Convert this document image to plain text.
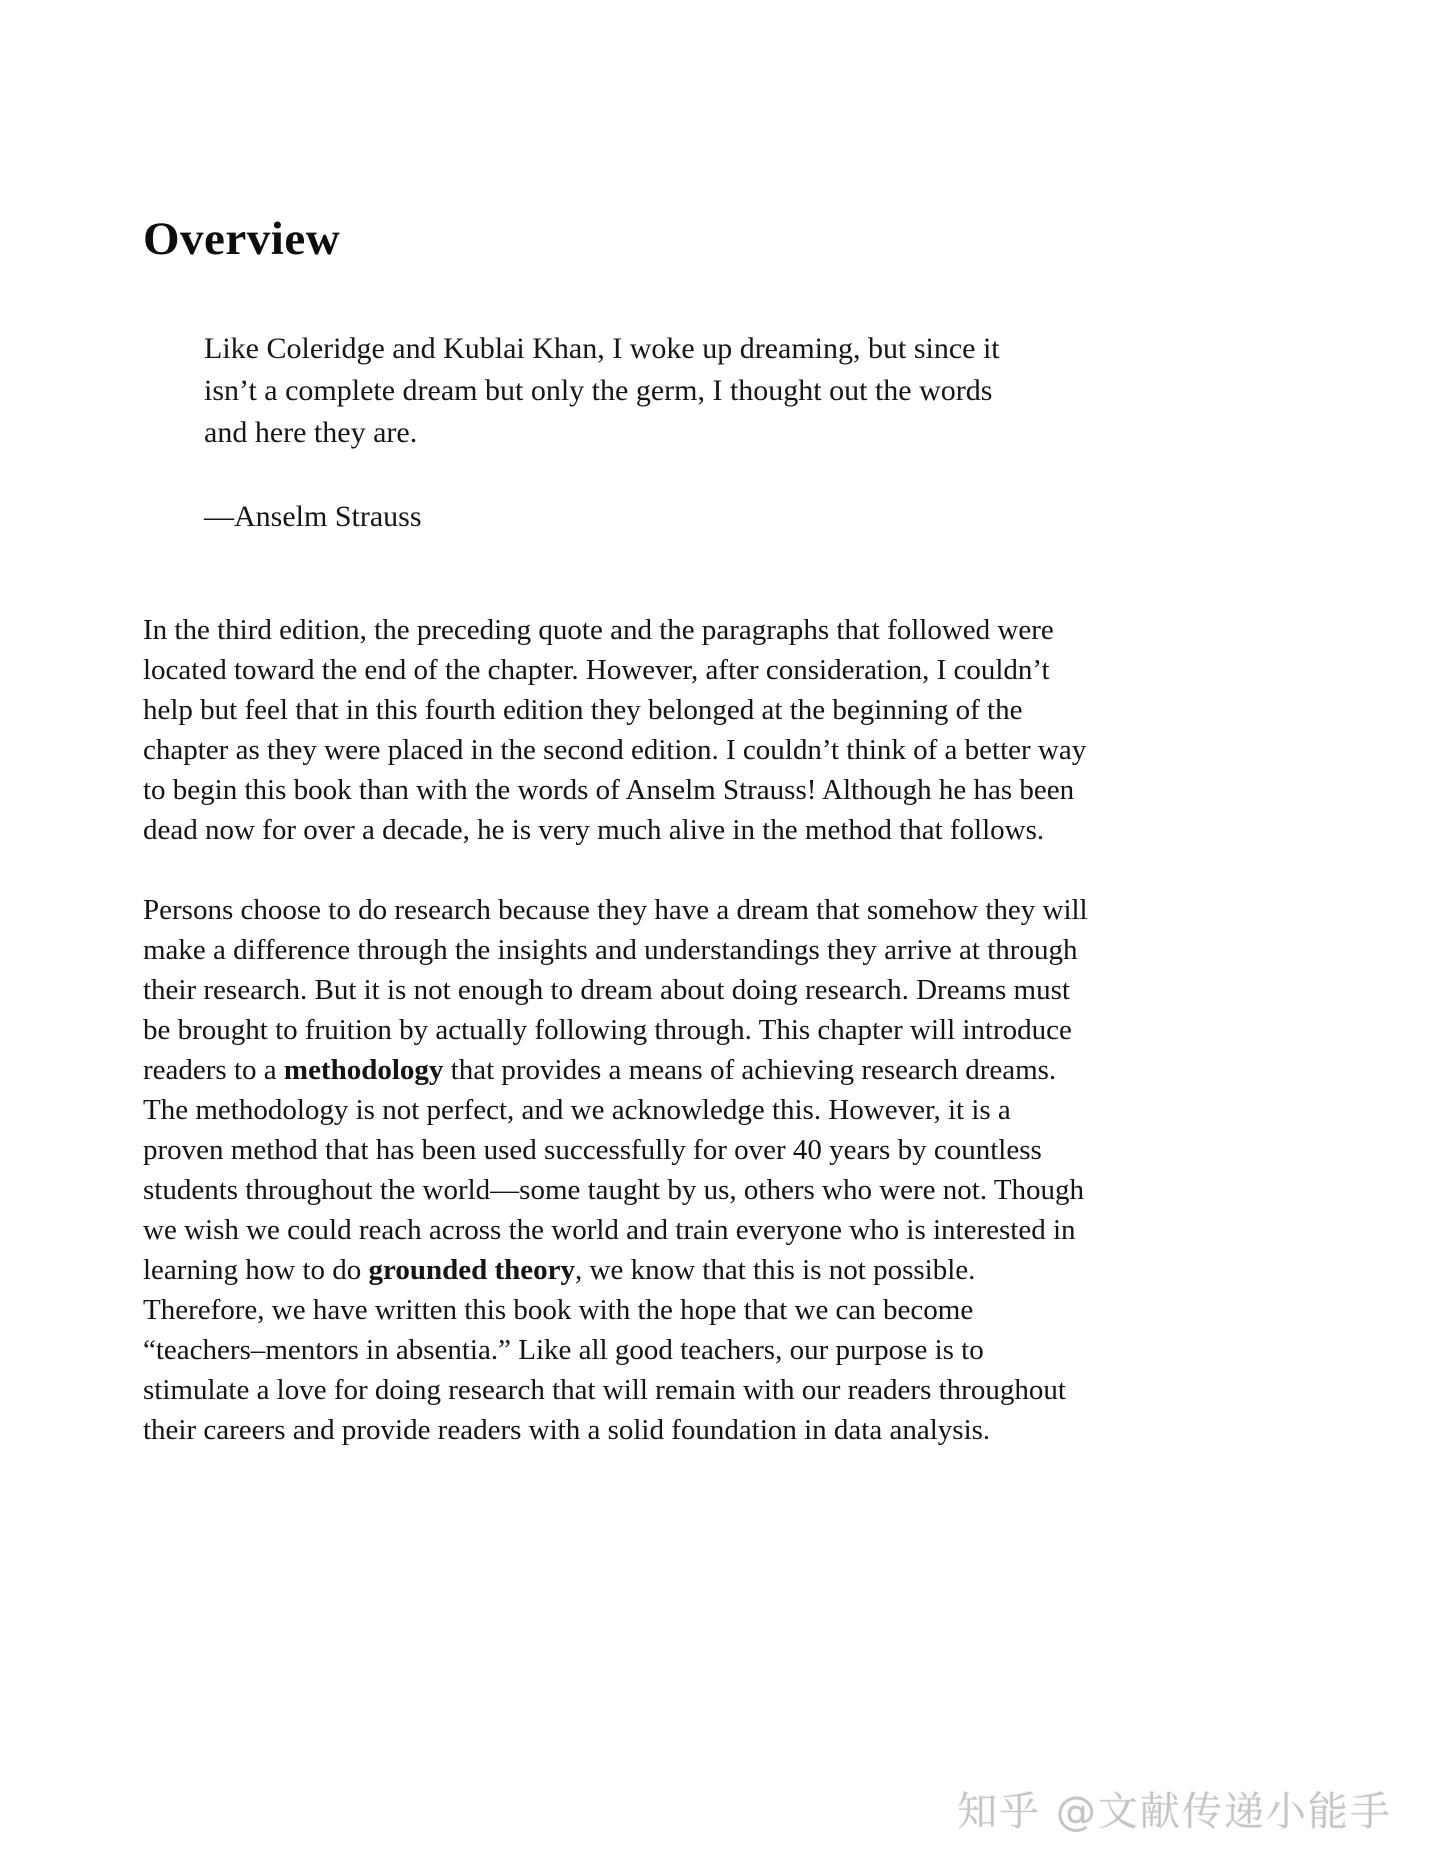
Overview

Like Coleridge and Kublai Khan, I woke up dreaming, but since it isn’t a complete dream but only the germ, I thought out the words and here they are.

—Anselm Strauss

In the third edition, the preceding quote and the paragraphs that followed were located toward the end of the chapter. However, after consideration, I couldn’t help but feel that in this fourth edition they belonged at the beginning of the chapter as they were placed in the second edition. I couldn’t think of a better way to begin this book than with the words of Anselm Strauss! Although he has been dead now for over a decade, he is very much alive in the method that follows.

Persons choose to do research because they have a dream that somehow they will make a difference through the insights and understandings they arrive at through their research. But it is not enough to dream about doing research. Dreams must be brought to fruition by actually following through. This chapter will introduce readers to a methodology that provides a means of achieving research dreams. The methodology is not perfect, and we acknowledge this. However, it is a proven method that has been used successfully for over 40 years by countless students throughout the world—some taught by us, others who were not. Though we wish we could reach across the world and train everyone who is interested in learning how to do grounded theory, we know that this is not possible. Therefore, we have written this book with the hope that we can become “teachers–mentors in absentia.” Like all good teachers, our purpose is to stimulate a love for doing research that will remain with our readers throughout their careers and provide readers with a solid foundation in data analysis.

知乎 @文献传递小能手
